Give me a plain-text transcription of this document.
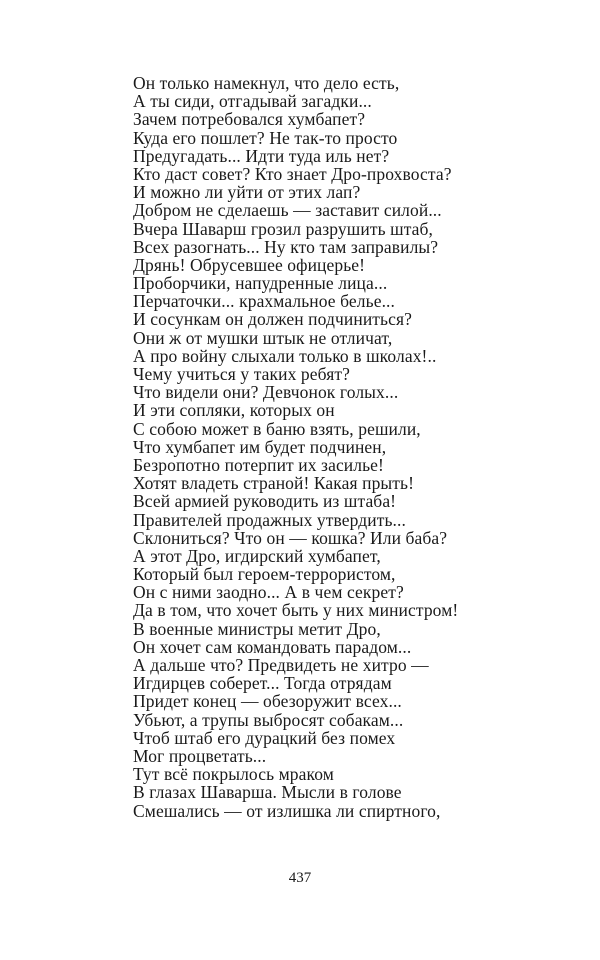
Он только намекнул, что дело есть,
А ты сиди, отгадывай загадки...
Зачем потребовался хумбапет?
Куда его пошлет? Не так-то просто
Предугадать... Идти туда иль нет?
Кто даст совет? Кто знает Дро-прохвоста?
И можно ли уйти от этих лап?
Добром не сделаешь — заставит силой...
Вчера Шаварш грозил разрушить штаб,
Всех разогнать... Ну кто там заправилы?
Дрянь! Обрусевшее офицерье!
Проборчики, напудренные лица...
Перчаточки... крахмальное белье...
И сосункам он должен подчиниться?
Они ж от мушки штык не отличат,
А про войну слыхали только в школах!..
Чему учиться у таких ребят?
Что видели они? Девчонок голых...
И эти сопляки, которых он
С собою может в баню взять, решили,
Что хумбапет им будет подчинен,
Безропотно потерпит их засилье!
Хотят владеть страной! Какая прыть!
Всей армией руководить из штаба!
Правителей продажных утвердить...
Склониться? Что он — кошка? Или баба?
А этот Дро, игдирский хумбапет,
Который был героем-террористом,
Он с ними заодно... А в чем секрет?
Да в том, что хочет быть у них министром!
В военные министры метит Дро,
Он хочет сам командовать парадом...
А дальше что? Предвидеть не хитро —
Игдирцев соберет... Тогда отрядам
Придет конец — обезоружит всех...
Убьют, а трупы выбросят собакам...
Чтоб штаб его дурацкий без помех
Мог процветать...
Тут всё покрылось мраком
В глазах Шаварша. Мысли в голове
Смешались — от излишка ли спиртного,
437
